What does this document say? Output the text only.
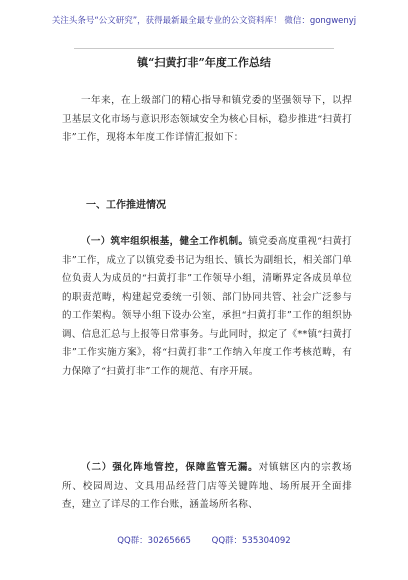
关注头条号“公文研究”，获得最新最全最专业的公文资料库！ 微信：gongwenyj
镇“扫黄打非”年度工作总结
一年来，在上级部门的精心指导和镇党委的坚强领导下，以捍卫基层文化市场与意识形态领域安全为核心目标，稳步推进“扫黄打非”工作，现将本年度工作详情汇报如下：
一、工作推进情况
（一）筑牢组织根基，健全工作机制。镇党委高度重视“扫黄打非”工作，成立了以镇党委书记为组长、镇长为副组长，相关部门单位负责人为成员的“扫黄打非”工作领导小组，清晰界定各成员单位的职责范畴，构建起党委统一引领、部门协同共管、社会广泛参与的工作架构。领导小组下设办公室，承担“扫黄打非”工作的组织协调、信息汇总与上报等日常事务。与此同时，拟定了《**镇“扫黄打非”工作实施方案》，将“扫黄打非”工作纳入年度工作考核范畴，有力保障了“扫黄打非”工作的规范、有序开展。
（二）强化阵地管控，保障监管无漏。对镇辖区内的宗教场所、校园周边、文具用品经营门店等关键阵地、场所展开全面排查，建立了详尽的工作台账，涵盖场所名称、
QQ群：30265665 QQ群：535304092
